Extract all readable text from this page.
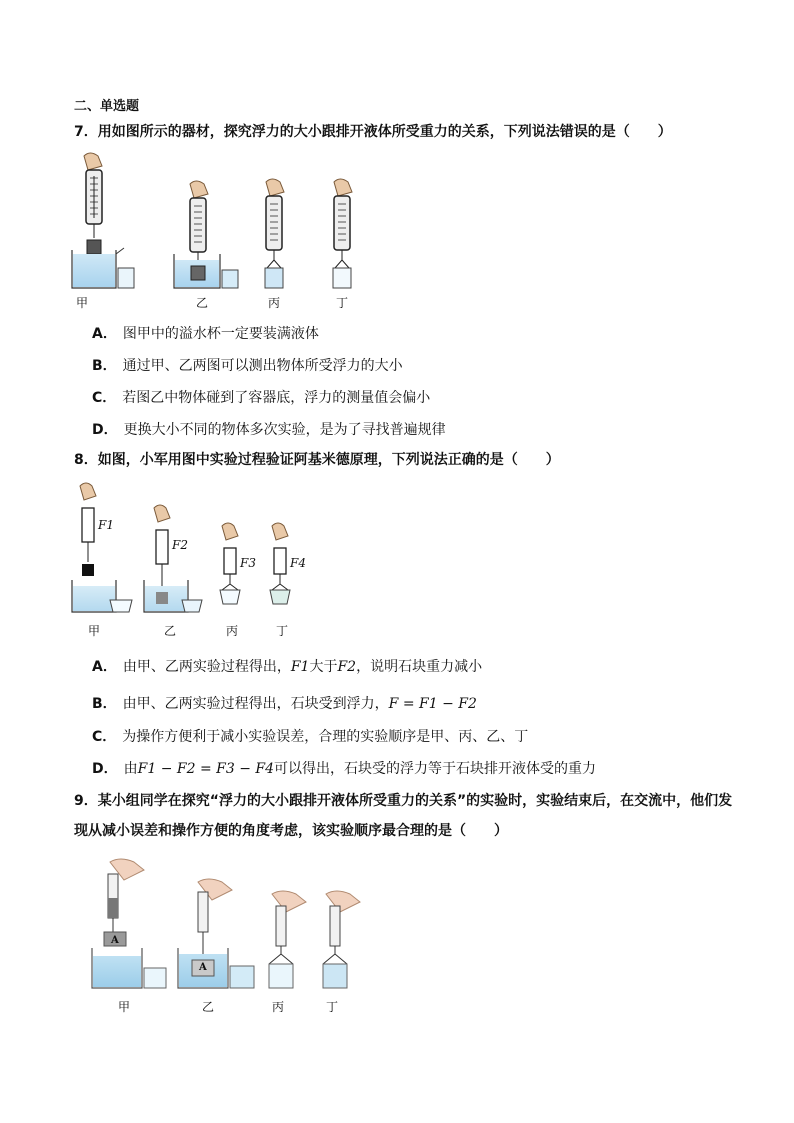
二、单选题
7．用如图所示的器材，探究浮力的大小跟排开液体所受重力的关系，下列说法错误的是（　　）
甲	乙	丙	丁
A． 图甲中的溢水杯一定要装满液体
B． 通过甲、乙两图可以测出物体所受浮力的大小
C． 若图乙中物体碰到了容器底，浮力的测量值会偏小
D． 更换大小不同的物体多次实验，是为了寻找普遍规律
8．如图，小军用图中实验过程验证阿基米德原理，下列说法正确的是（　　）
F1
F2
F3	F4
甲	乙	丙	丁
A． 由甲、乙两实验过程得出，F1大于F2，说明石块重力减小
B． 由甲、乙两实验过程得出，石块受到浮力，F = F1 − F2
C． 为操作方便利于减小实验误差，合理的实验顺序是甲、丙、乙、丁
D． 由F1 − F2 = F3 − F4可以得出，石块受的浮力等于石块排开液体受的重力
9．某小组同学在探究“浮力的大小跟排开液体所受重力的关系”的实验时，实验结束后，在交流中，他们发
现从减小误差和操作方便的角度考虑，该实验顺序最合理的是（　　）
A
A
甲	乙	丙	丁
